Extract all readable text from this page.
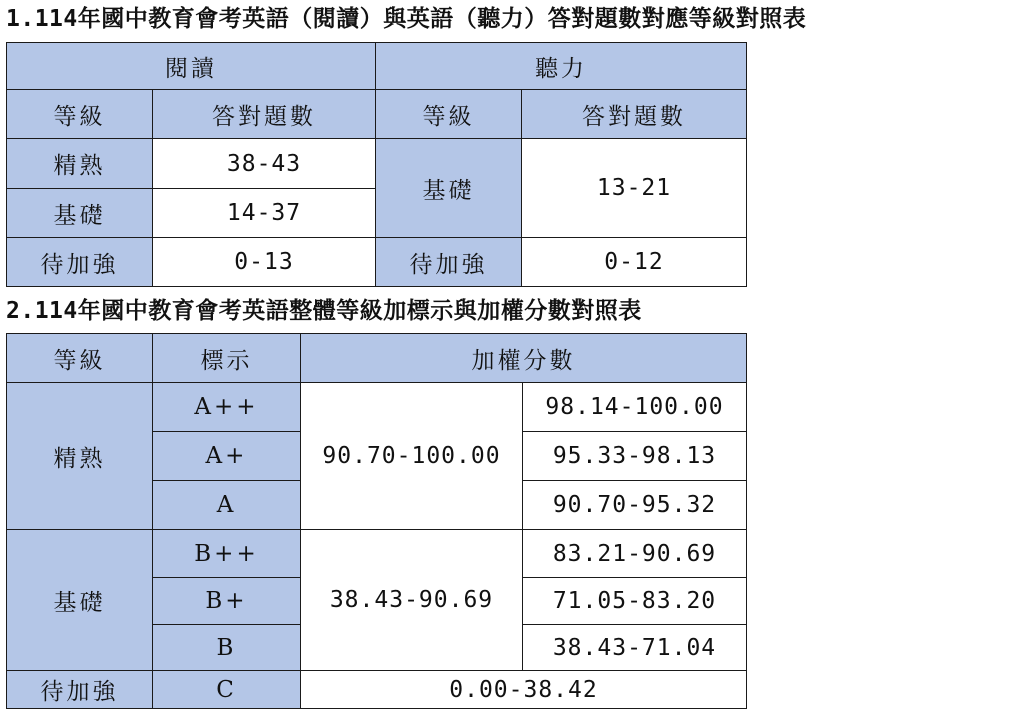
1.114年國中教育會考英語（閱讀）與英語（聽力）答對題數對應等級對照表
閱讀		聽力	
等級	答對題數	等級	答對題數
精熟	38-43	基礎	13-21
基礎	14-37		
待加強	0-13	待加強	0-12
2.114年國中教育會考英語整體等級加標示與加權分數對照表
等級	標示	加權分數	
精熟	A++	90.70-100.00	98.14-100.00
	A+		95.33-98.13
	A		90.70-95.32
基礎	B++	38.43-90.69	83.21-90.69
	B+		71.05-83.20
	B		38.43-71.04
待加強	C	0.00-38.42	
